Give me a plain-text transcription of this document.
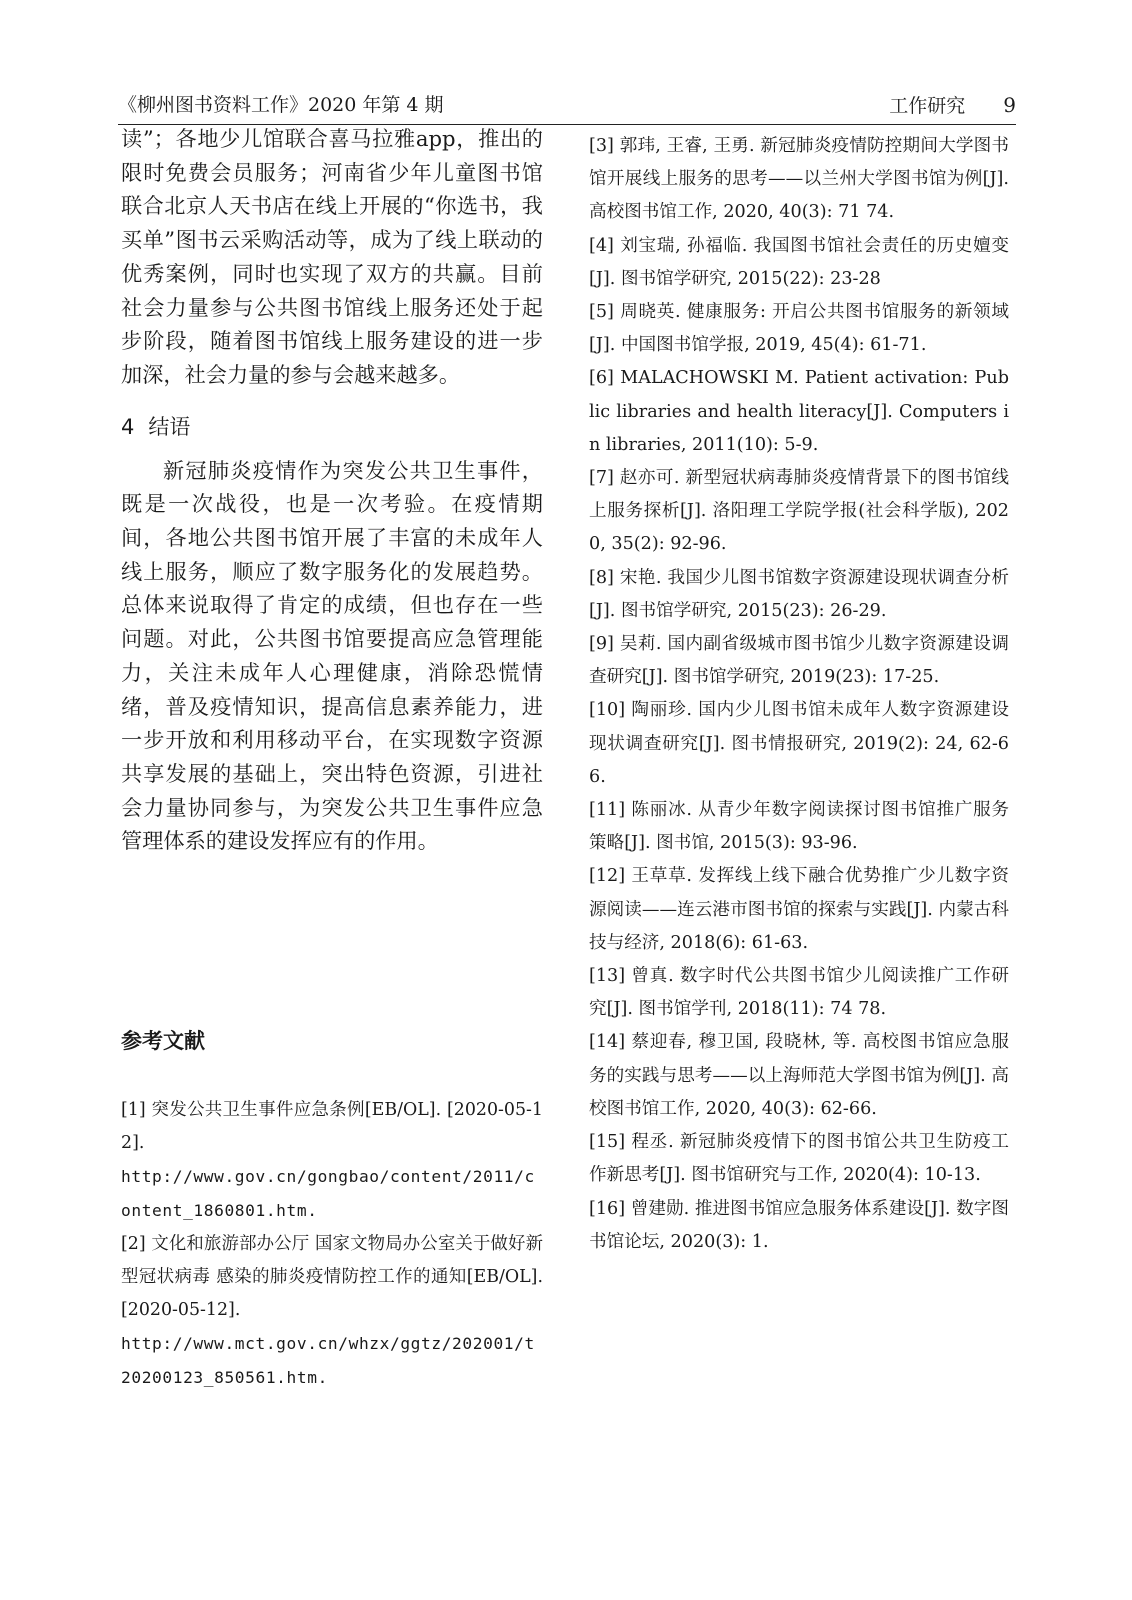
《柳州图书资料工作》2020 年第 4 期	工作研究 9

读”；各地少儿馆联合喜马拉雅app，推出的限时免费会员服务；河南省少年儿童图书馆联合北京人天书店在线上开展的“你选书，我买单”图书云采购活动等，成为了线上联动的优秀案例，同时也实现了双方的共赢。目前社会力量参与公共图书馆线上服务还处于起步阶段，随着图书馆线上服务建设的进一步加深，社会力量的参与会越来越多。

4 结语

新冠肺炎疫情作为突发公共卫生事件，既是一次战役，也是一次考验。在疫情期间，各地公共图书馆开展了丰富的未成年人线上服务，顺应了数字服务化的发展趋势。总体来说取得了肯定的成绩，但也存在一些问题。对此，公共图书馆要提高应急管理能力，关注未成年人心理健康，消除恐慌情绪，普及疫情知识，提高信息素养能力，进一步开放和利用移动平台，在实现数字资源共享发展的基础上，突出特色资源，引进社会力量协同参与，为突发公共卫生事件应急管理体系的建设发挥应有的作用。

参考文献

[1] 突发公共卫生事件应急条例[EB/OL]. [2020-05-12].
http://www.gov.cn/gongbao/content/2011/content_1860801.htm.

[2] 文化和旅游部办公厅 国家文物局办公室关于做好新型冠状病毒 感染的肺炎疫情防控工作的通知[EB/OL]. [2020-05-12].
http://www.mct.gov.cn/whzx/ggtz/202001/t20200123_850561.htm.

[3] 郭玮, 王睿, 王勇. 新冠肺炎疫情防控期间大学图书馆开展线上服务的思考——以兰州大学图书馆为例[J]. 高校图书馆工作, 2020, 40(3): 71 74.

[4] 刘宝瑞, 孙福临. 我国图书馆社会责任的历史嬗变[J]. 图书馆学研究, 2015(22): 23-28

[5] 周晓英. 健康服务: 开启公共图书馆服务的新领域[J]. 中国图书馆学报, 2019, 45(4): 61-71.

[6] MALACHOWSKI M. Patient activation: Public libraries and health literacy[J]. Computers in libraries, 2011(10): 5-9.

[7] 赵亦可. 新型冠状病毒肺炎疫情背景下的图书馆线上服务探析[J]. 洛阳理工学院学报(社会科学版), 2020, 35(2): 92-96.

[8] 宋艳. 我国少儿图书馆数字资源建设现状调查分析[J]. 图书馆学研究, 2015(23): 26-29.

[9] 吴莉. 国内副省级城市图书馆少儿数字资源建设调查研究[J]. 图书馆学研究, 2019(23): 17-25.

[10] 陶丽珍. 国内少儿图书馆未成年人数字资源建设现状调查研究[J]. 图书情报研究, 2019(2): 24, 62-66.

[11] 陈丽冰. 从青少年数字阅读探讨图书馆推广服务策略[J]. 图书馆, 2015(3): 93-96.

[12] 王草草. 发挥线上线下融合优势推广少儿数字资源阅读——连云港市图书馆的探索与实践[J]. 内蒙古科技与经济, 2018(6): 61-63.

[13] 曾真. 数字时代公共图书馆少儿阅读推广工作研究[J]. 图书馆学刊, 2018(11): 74 78.

[14] 蔡迎春, 穆卫国, 段晓林, 等. 高校图书馆应急服务的实践与思考——以上海师范大学图书馆为例[J]. 高校图书馆工作, 2020, 40(3): 62-66.

[15] 程丞. 新冠肺炎疫情下的图书馆公共卫生防疫工作新思考[J]. 图书馆研究与工作, 2020(4): 10-13.

[16] 曾建勋. 推进图书馆应急服务体系建设[J]. 数字图书馆论坛, 2020(3): 1.
